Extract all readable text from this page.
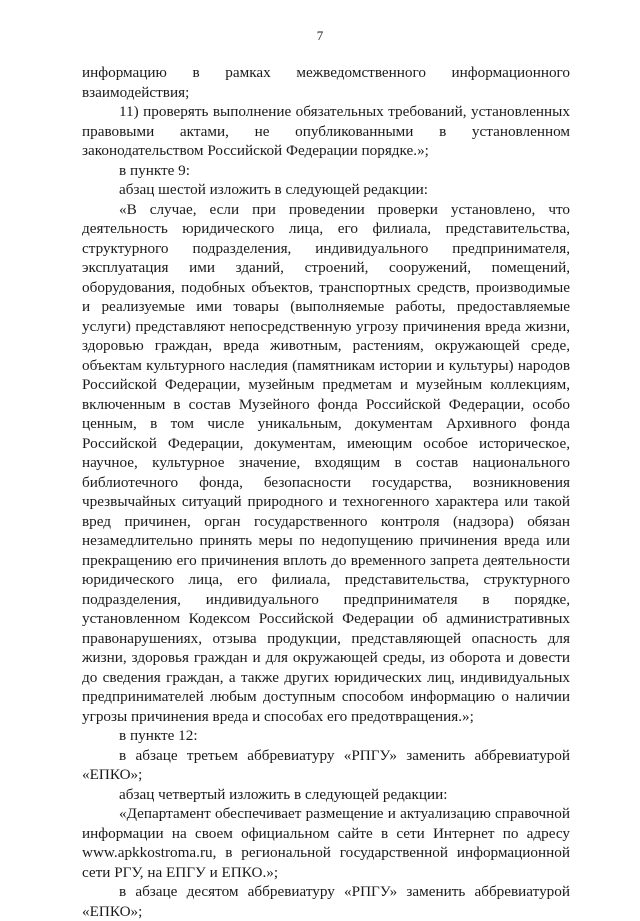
7

информацию в рамках межведомственного информационного взаимодействия;

11) проверять выполнение обязательных требований, установленных правовыми актами, не опубликованными в установленном законодательством Российской Федерации порядке.»;

в пункте 9:

абзац шестой изложить в следующей редакции:

«В случае, если при проведении проверки установлено, что деятельность юридического лица, его филиала, представительства, структурного подразделения, индивидуального предпринимателя, эксплуатация ими зданий, строений, сооружений, помещений, оборудования, подобных объектов, транспортных средств, производимые и реализуемые ими товары (выполняемые работы, предоставляемые услуги) представляют непосредственную угрозу причинения вреда жизни, здоровью граждан, вреда животным, растениям, окружающей среде, объектам культурного наследия (памятникам истории и культуры) народов Российской Федерации, музейным предметам и музейным коллекциям, включенным в состав Музейного фонда Российской Федерации, особо ценным, в том числе уникальным, документам Архивного фонда Российской Федерации, документам, имеющим особое историческое, научное, культурное значение, входящим в состав национального библиотечного фонда, безопасности государства, возникновения чрезвычайных ситуаций природного и техногенного характера или такой вред причинен, орган государственного контроля (надзора) обязан незамедлительно принять меры по недопущению причинения вреда или прекращению его причинения вплоть до временного запрета деятельности юридического лица, его филиала, представительства, структурного подразделения, индивидуального предпринимателя в порядке, установленном Кодексом Российской Федерации об административных правонарушениях, отзыва продукции, представляющей опасность для жизни, здоровья граждан и для окружающей среды, из оборота и довести до сведения граждан, а также других юридических лиц, индивидуальных предпринимателей любым доступным способом информацию о наличии угрозы причинения вреда и способах его предотвращения.»;

в пункте 12:

в абзаце третьем аббревиатуру «РПГУ» заменить аббревиатурой «ЕПКО»;

абзац четвертый изложить в следующей редакции:

«Департамент обеспечивает размещение и актуализацию справочной информации на своем официальном сайте в сети Интернет по адресу www.apkkostroma.ru, в региональной государственной информационной сети РГУ, на ЕПГУ и ЕПКО.»;

в абзаце десятом аббревиатуру «РПГУ» заменить аббревиатурой «ЕПКО»;
